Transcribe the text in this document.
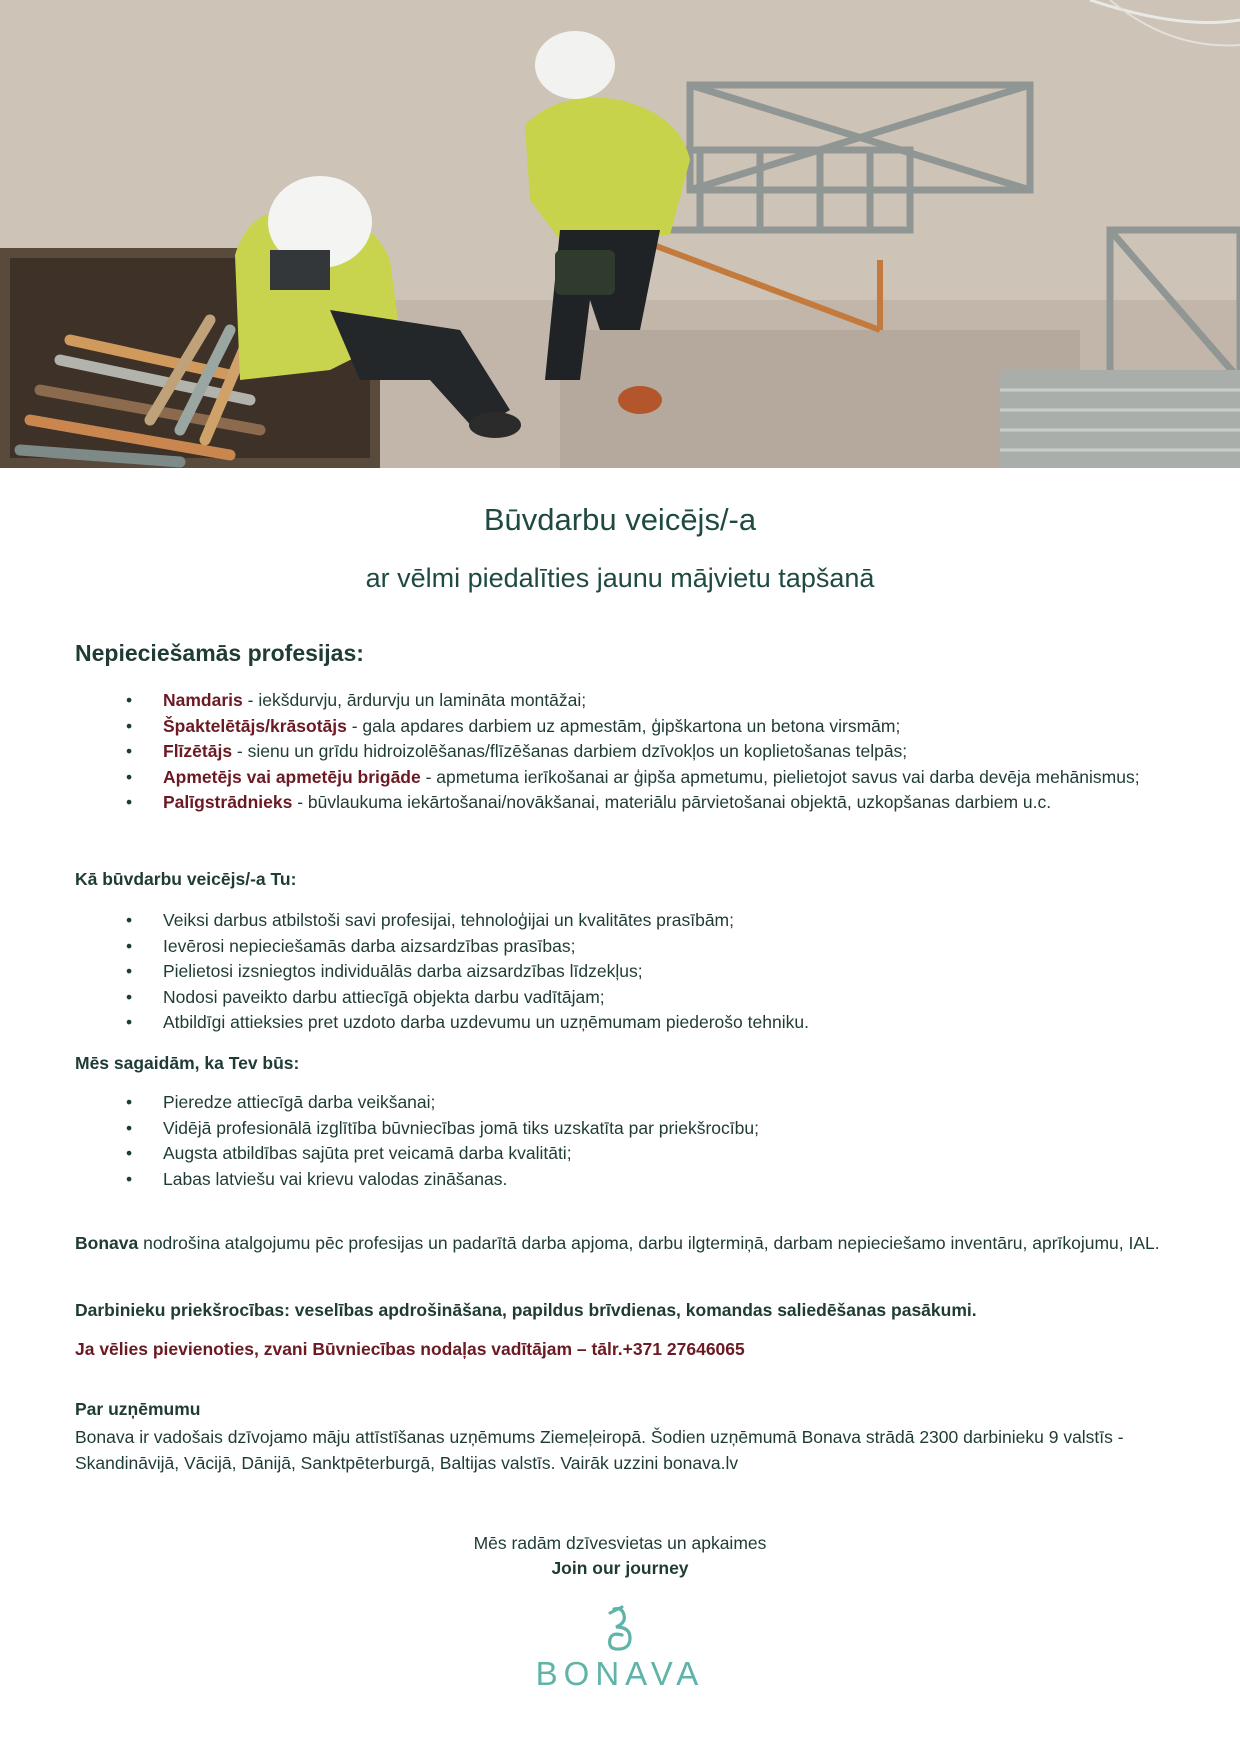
Būvdarbu veicējs/-a
ar vēlmi piedalīties jaunu mājvietu tapšanā
Nepieciešamās profesijas:
• Namdaris - iekšdurvju, ārdurvju un lamināta montāžai;
• Špaktelētājs/krāsotājs - gala apdares darbiem uz apmestām, ģipškartona un betona virsmām;
• Flīzētājs - sienu un grīdu hidroizolēšanas/flīzēšanas darbiem dzīvokļos un koplietošanas telpās;
• Apmetējs vai apmetēju brigāde - apmetuma ierīkošanai ar ģipša apmetumu, pielietojot savus vai darba devēja mehānismus;
• Palīgstrādnieks - būvlaukuma iekārtošanai/novākšanai, materiālu pārvietošanai objektā, uzkopšanas darbiem u.c.
Kā būvdarbu veicējs/-a Tu:
• Veiksi darbus atbilstoši savi profesijai, tehnoloģijai un kvalitātes prasībām;
• Ievērosi nepieciešamās darba aizsardzības prasības;
• Pielietosi izsniegtos individuālās darba aizsardzības līdzekļus;
• Nodosi paveikto darbu attiecīgā objekta darbu vadītājam;
• Atbildīgi attieksies pret uzdoto darba uzdevumu un uzņēmumam piederošo tehniku.
Mēs sagaidām, ka Tev būs:
• Pieredze attiecīgā darba veikšanai;
• Vidējā profesionālā izglītība būvniecības jomā tiks uzskatīta par priekšrocību;
• Augsta atbildības sajūta pret veicamā darba kvalitāti;
• Labas latviešu vai krievu valodas zināšanas.
Bonava nodrošina atalgojumu pēc profesijas un padarītā darba apjoma, darbu ilgtermiņā, darbam nepieciešamo inventāru, aprīkojumu, IAL.
Darbinieku priekšrocības: veselības apdrošināšana, papildus brīvdienas, komandas saliedēšanas pasākumi.
Ja vēlies pievienoties, zvani Būvniecības nodaļas vadītājam – tālr.+371 27646065
Par uzņēmumu
Bonava ir vadošais dzīvojamo māju attīstīšanas uzņēmums Ziemeļeiropā. Šodien uzņēmumā Bonava strādā 2300 darbinieku 9 valstīs - Skandināvijā, Vācijā, Dānijā, Sanktpēterburgā, Baltijas valstīs. Vairāk uzzini bonava.lv
Mēs radām dzīvesvietas un apkaimes
Join our journey
BONAVA
